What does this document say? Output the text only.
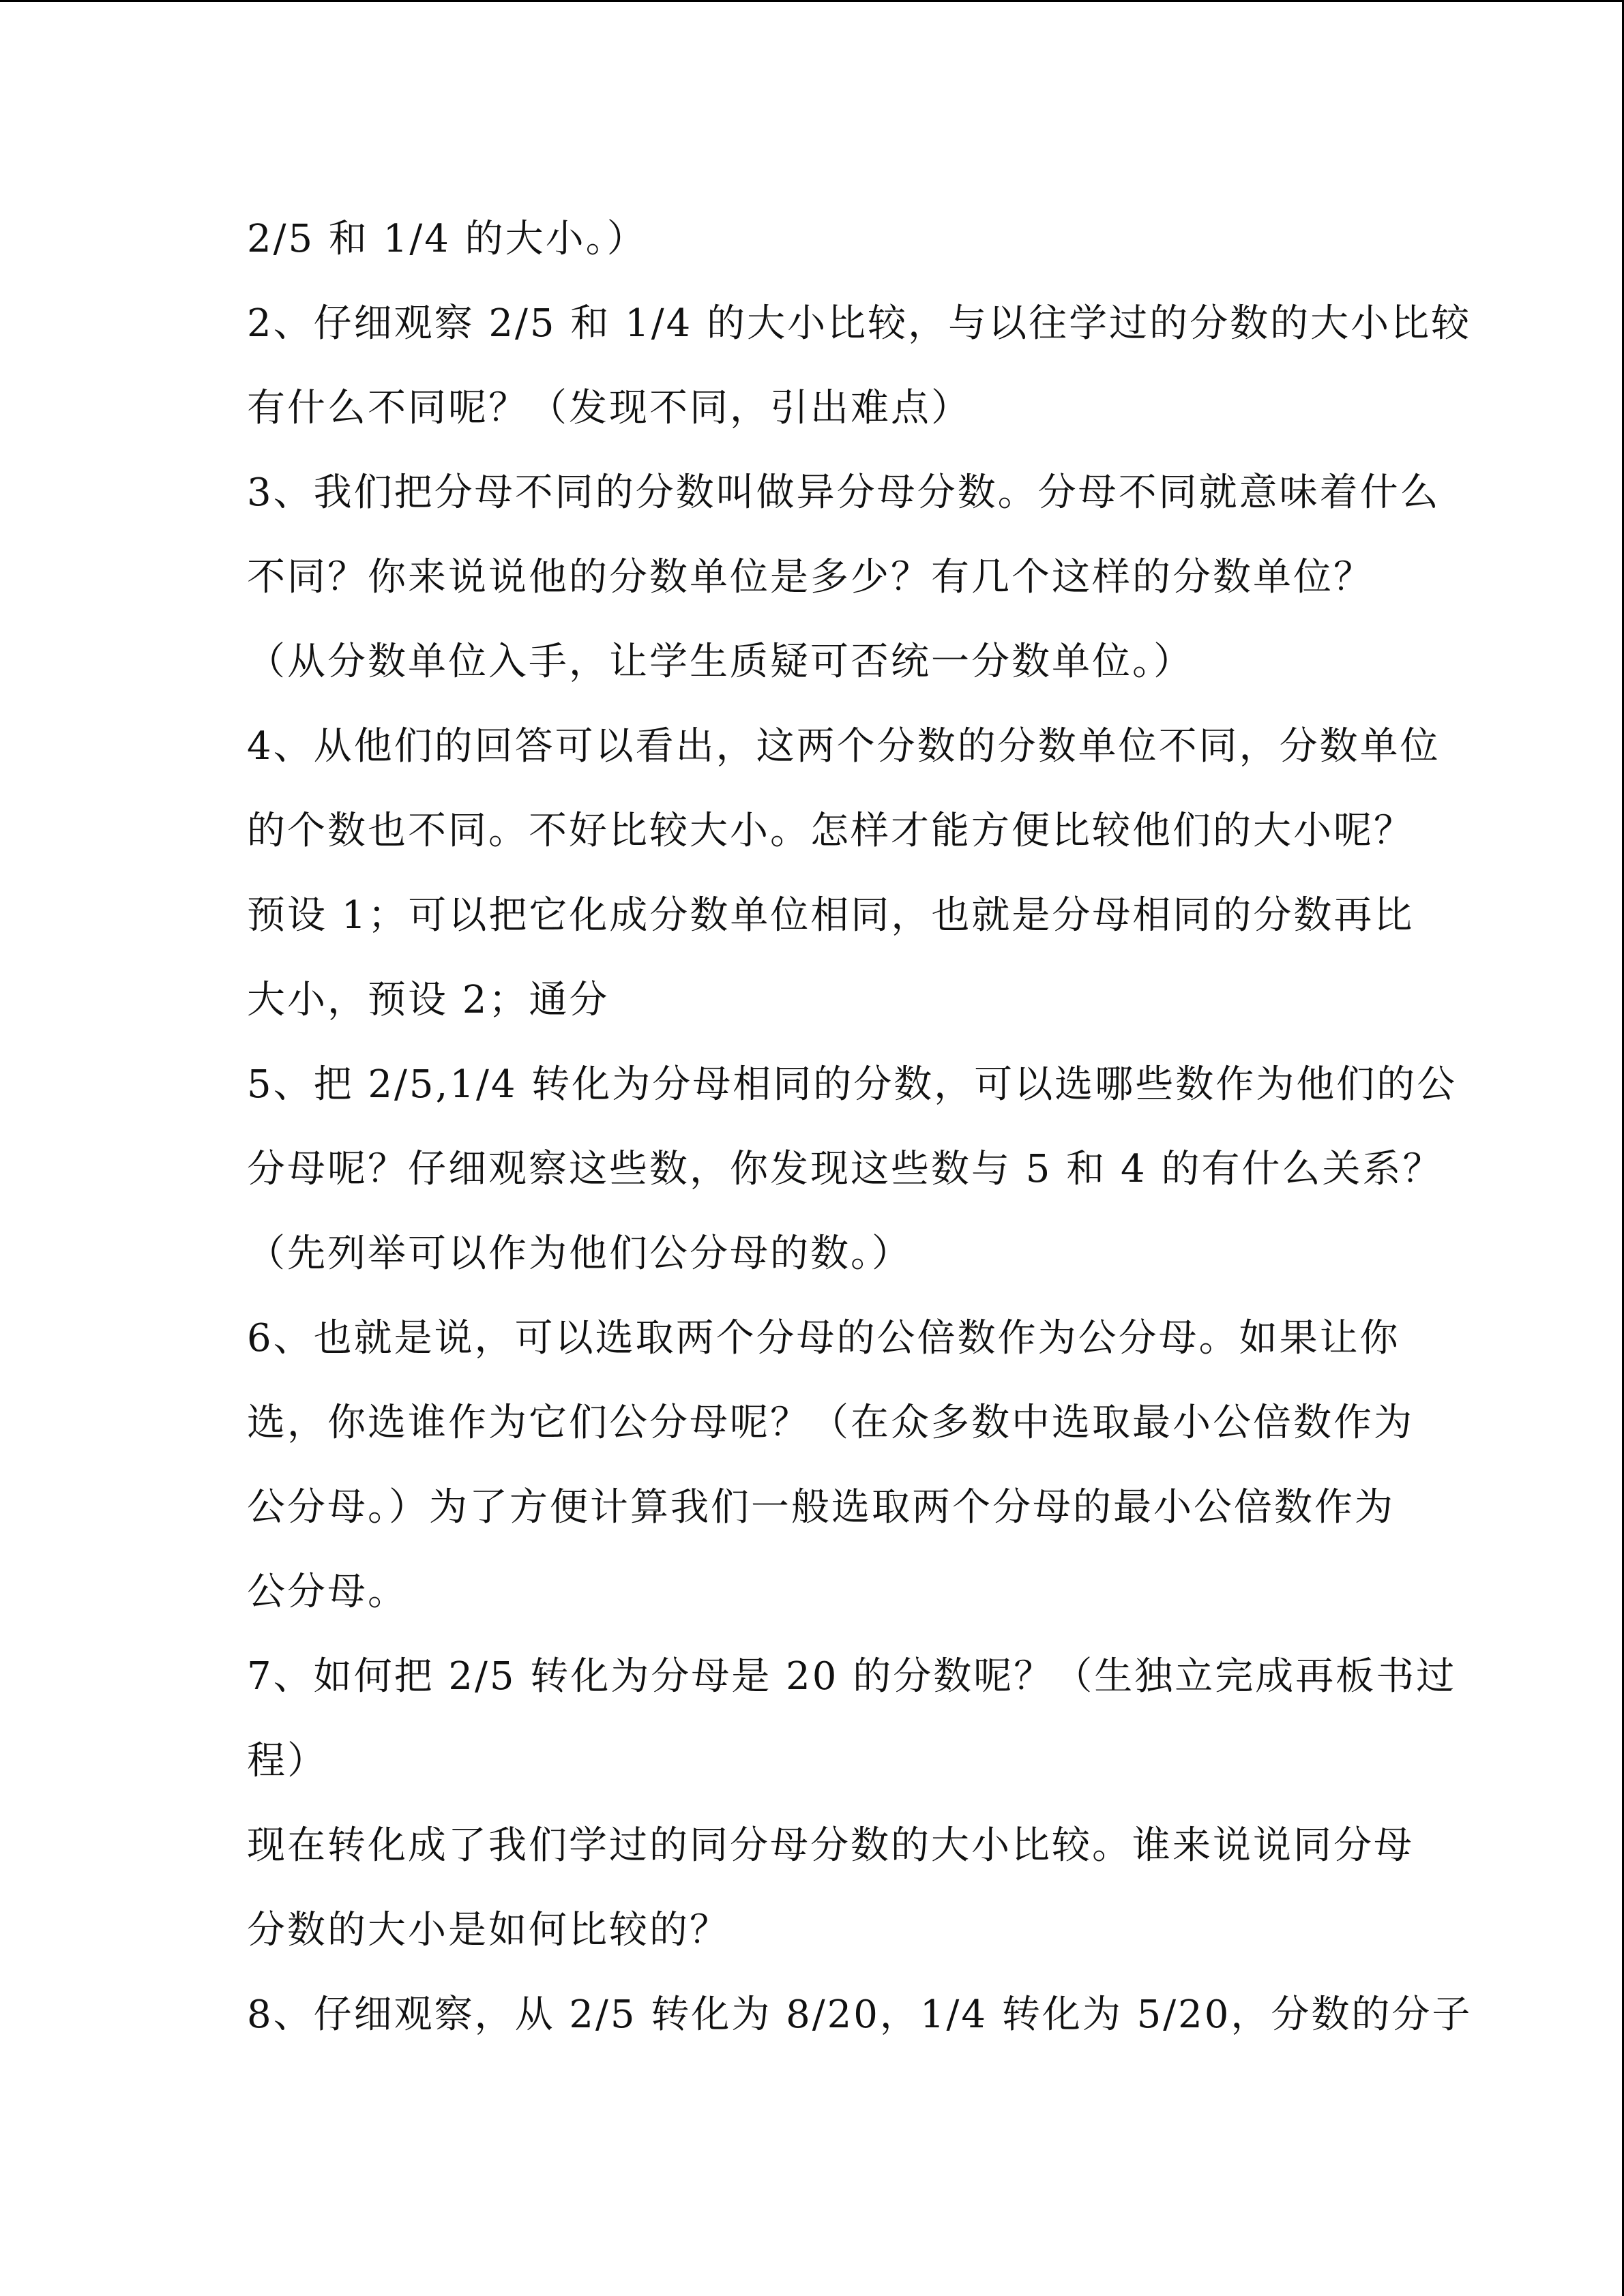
2/5 和 1/4 的大小。）
2、仔细观察 2/5 和 1/4 的大小比较，与以往学过的分数的大小比较
有什么不同呢？（发现不同，引出难点）
3、我们把分母不同的分数叫做异分母分数。分母不同就意味着什么
不同？你来说说他的分数单位是多少？有几个这样的分数单位？
（从分数单位入手，让学生质疑可否统一分数单位。）
4、从他们的回答可以看出，这两个分数的分数单位不同，分数单位
的个数也不同。不好比较大小。怎样才能方便比较他们的大小呢？
预设 1；可以把它化成分数单位相同，也就是分母相同的分数再比
大小，预设 2；通分
5、把 2/5,1/4 转化为分母相同的分数，可以选哪些数作为他们的公
分母呢？仔细观察这些数，你发现这些数与 5 和 4 的有什么关系？
（先列举可以作为他们公分母的数。）
6、也就是说，可以选取两个分母的公倍数作为公分母。如果让你
选，你选谁作为它们公分母呢？（在众多数中选取最小公倍数作为
公分母。）为了方便计算我们一般选取两个分母的最小公倍数作为
公分母。
7、如何把 2/5 转化为分母是 20 的分数呢？（生独立完成再板书过
程）
现在转化成了我们学过的同分母分数的大小比较。谁来说说同分母
分数的大小是如何比较的？
8、仔细观察，从 2/5 转化为 8/20，1/4 转化为 5/20，分数的分子
